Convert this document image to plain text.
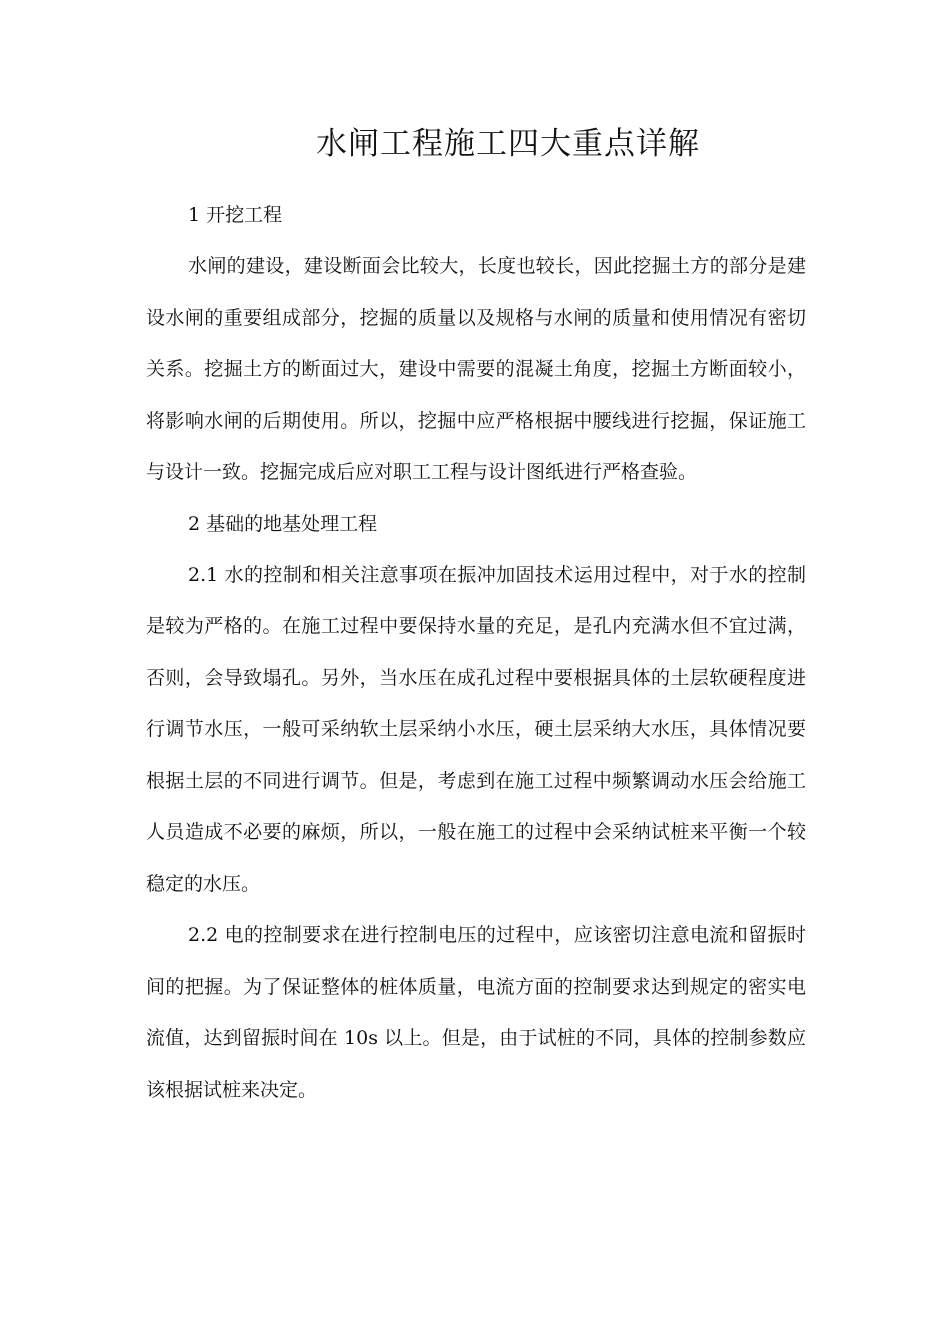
水闸工程施工四大重点详解

1 开挖工程

水闸的建设，建设断面会比较大，长度也较长，因此挖掘土方的部分是建设水闸的重要组成部分，挖掘的质量以及规格与水闸的质量和使用情况有密切关系。挖掘土方的断面过大，建设中需要的混凝土角度，挖掘土方断面较小，将影响水闸的后期使用。所以，挖掘中应严格根据中腰线进行挖掘，保证施工与设计一致。挖掘完成后应对职工工程与设计图纸进行严格查验。

2 基础的地基处理工程

2.1 水的控制和相关注意事项在振冲加固技术运用过程中，对于水的控制是较为严格的。在施工过程中要保持水量的充足，是孔内充满水但不宜过满，否则，会导致塌孔。另外，当水压在成孔过程中要根据具体的土层软硬程度进行调节水压，一般可采纳软土层采纳小水压，硬土层采纳大水压，具体情况要根据土层的不同进行调节。但是，考虑到在施工过程中频繁调动水压会给施工人员造成不必要的麻烦，所以，一般在施工的过程中会采纳试桩来平衡一个较稳定的水压。

2.2 电的控制要求在进行控制电压的过程中，应该密切注意电流和留振时间的把握。为了保证整体的桩体质量，电流方面的控制要求达到规定的密实电流值，达到留振时间在 10s 以上。但是，由于试桩的不同，具体的控制参数应该根据试桩来决定。
